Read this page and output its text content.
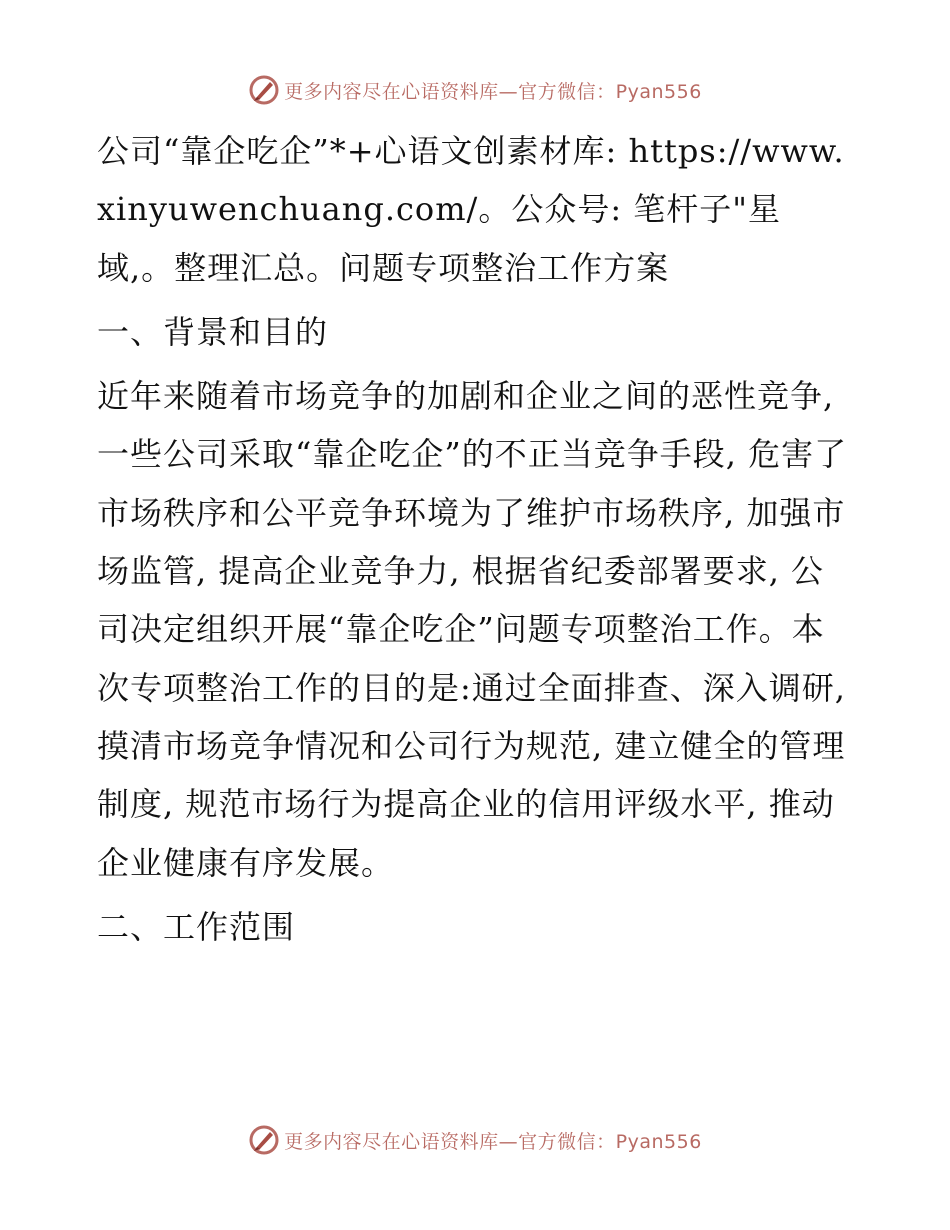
更多内容尽在心语资料库—官方微信：Pyan556

公司“靠企吃企”*+心语文创素材库: https://www.xinyuwenchuang.com/。公众号: 笔杆子"星域,。整理汇总。问题专项整治工作方案

一、背景和目的

近年来随着市场竞争的加剧和企业之间的恶性竞争, 一些公司采取“靠企吃企”的不正当竞争手段, 危害了市场秩序和公平竞争环境为了维护市场秩序, 加强市场监管, 提高企业竞争力, 根据省纪委部署要求, 公司决定组织开展“靠企吃企”问题专项整治工作。本次专项整治工作的目的是:通过全面排查、深入调研, 摸清市场竞争情况和公司行为规范, 建立健全的管理制度, 规范市场行为提高企业的信用评级水平, 推动企业健康有序发展。

二、工作范围

更多内容尽在心语资料库—官方微信：Pyan556
